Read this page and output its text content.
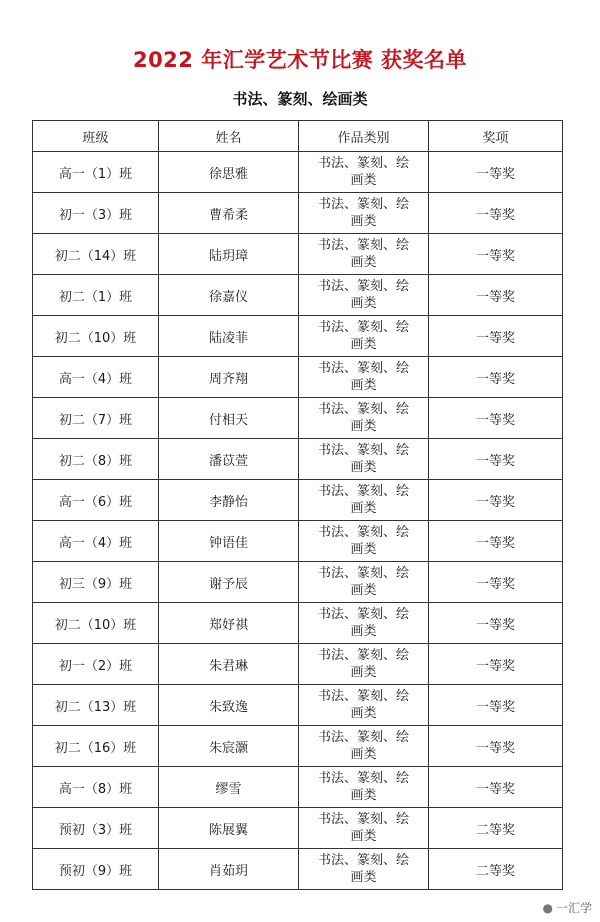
2022 年汇学艺术节比赛 获奖名单
书法、篆刻、绘画类
班级	姓名	作品类别	奖项
高一（1）班	徐思雅	书法、篆刻、绘画类	一等奖
初一（3）班	曹希柔	书法、篆刻、绘画类	一等奖
初二（14）班	陆玥璋	书法、篆刻、绘画类	一等奖
初二（1）班	徐嘉仪	书法、篆刻、绘画类	一等奖
初二（10）班	陆凌菲	书法、篆刻、绘画类	一等奖
高一（4）班	周齐翔	书法、篆刻、绘画类	一等奖
初二（7）班	付相天	书法、篆刻、绘画类	一等奖
初二（8）班	潘苡萱	书法、篆刻、绘画类	一等奖
高一（6）班	李静怡	书法、篆刻、绘画类	一等奖
高一（4）班	钟语佳	书法、篆刻、绘画类	一等奖
初三（9）班	谢予辰	书法、篆刻、绘画类	一等奖
初二（10）班	郑妤祺	书法、篆刻、绘画类	一等奖
初一（2）班	朱君琳	书法、篆刻、绘画类	一等奖
初二（13）班	朱致逸	书法、篆刻、绘画类	一等奖
初二（16）班	朱宸灏	书法、篆刻、绘画类	一等奖
高一（8）班	缪雪	书法、篆刻、绘画类	一等奖
预初（3）班	陈展翼	书法、篆刻、绘画类	二等奖
预初（9）班	肖茹玥	书法、篆刻、绘画类	二等奖
● 一汇学
